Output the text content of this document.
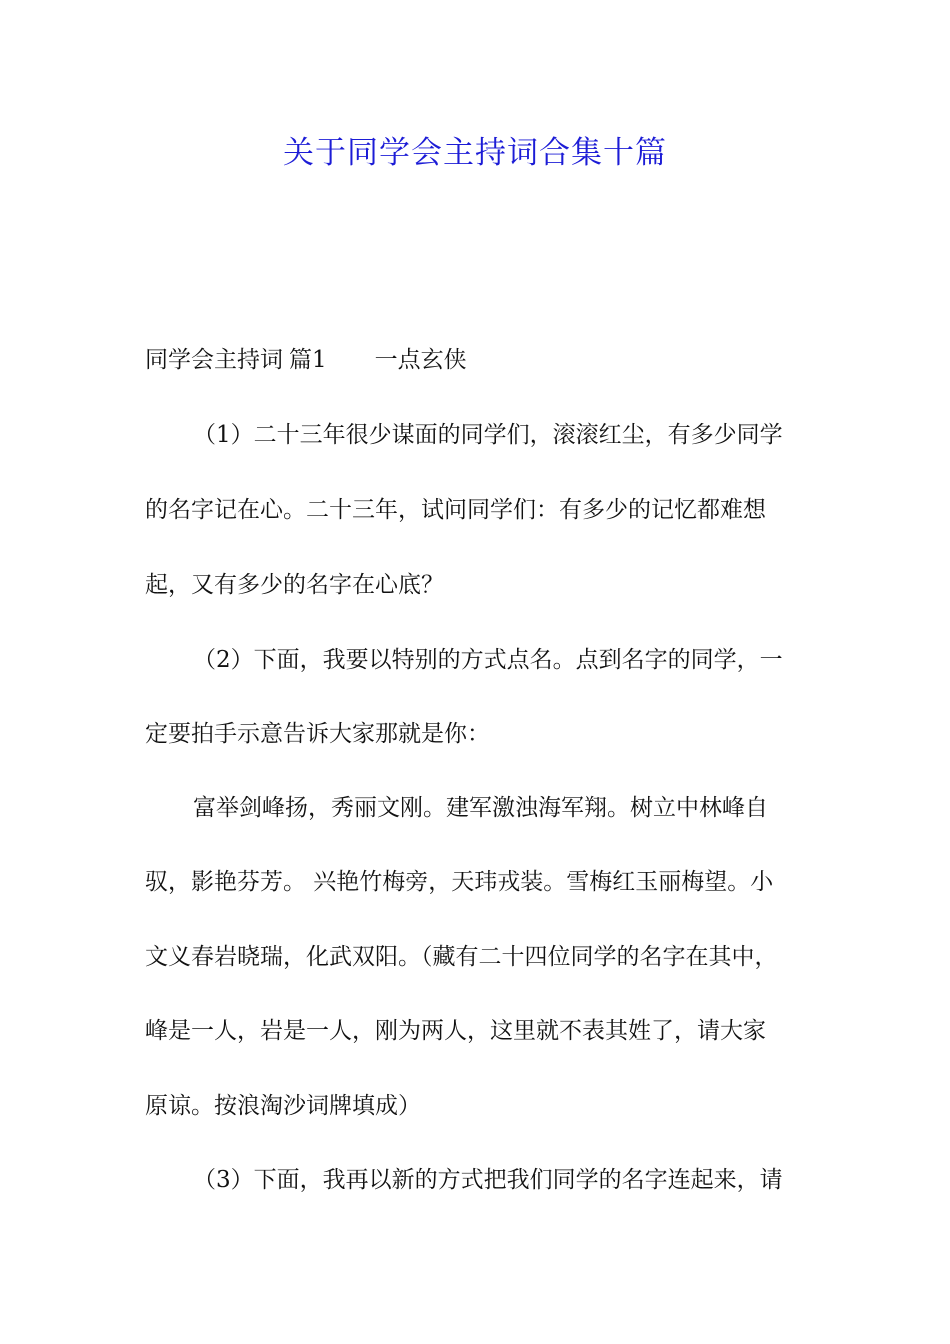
关于同学会主持词合集十篇

同学会主持词 篇1 一点玄侠

（1）二十三年很少谋面的同学们，滚滚红尘，有多少同学

的名字记在心。二十三年，试问同学们：有多少的记忆都难想

起，又有多少的名字在心底？

（2）下面，我要以特别的方式点名。点到名字的同学，一

定要拍手示意告诉大家那就是你：

富举剑峰扬，秀丽文刚。建军激浊海军翔。树立中林峰自

驭，影艳芬芳。 兴艳竹梅旁，天玮戎装。雪梅红玉丽梅望。小

文义春岩晓瑞，化武双阳。（藏有二十四位同学的名字在其中，

峰是一人，岩是一人，刚为两人，这里就不表其姓了，请大家

原谅。按浪淘沙词牌填成）

（3）下面，我再以新的方式把我们同学的名字连起来，请
